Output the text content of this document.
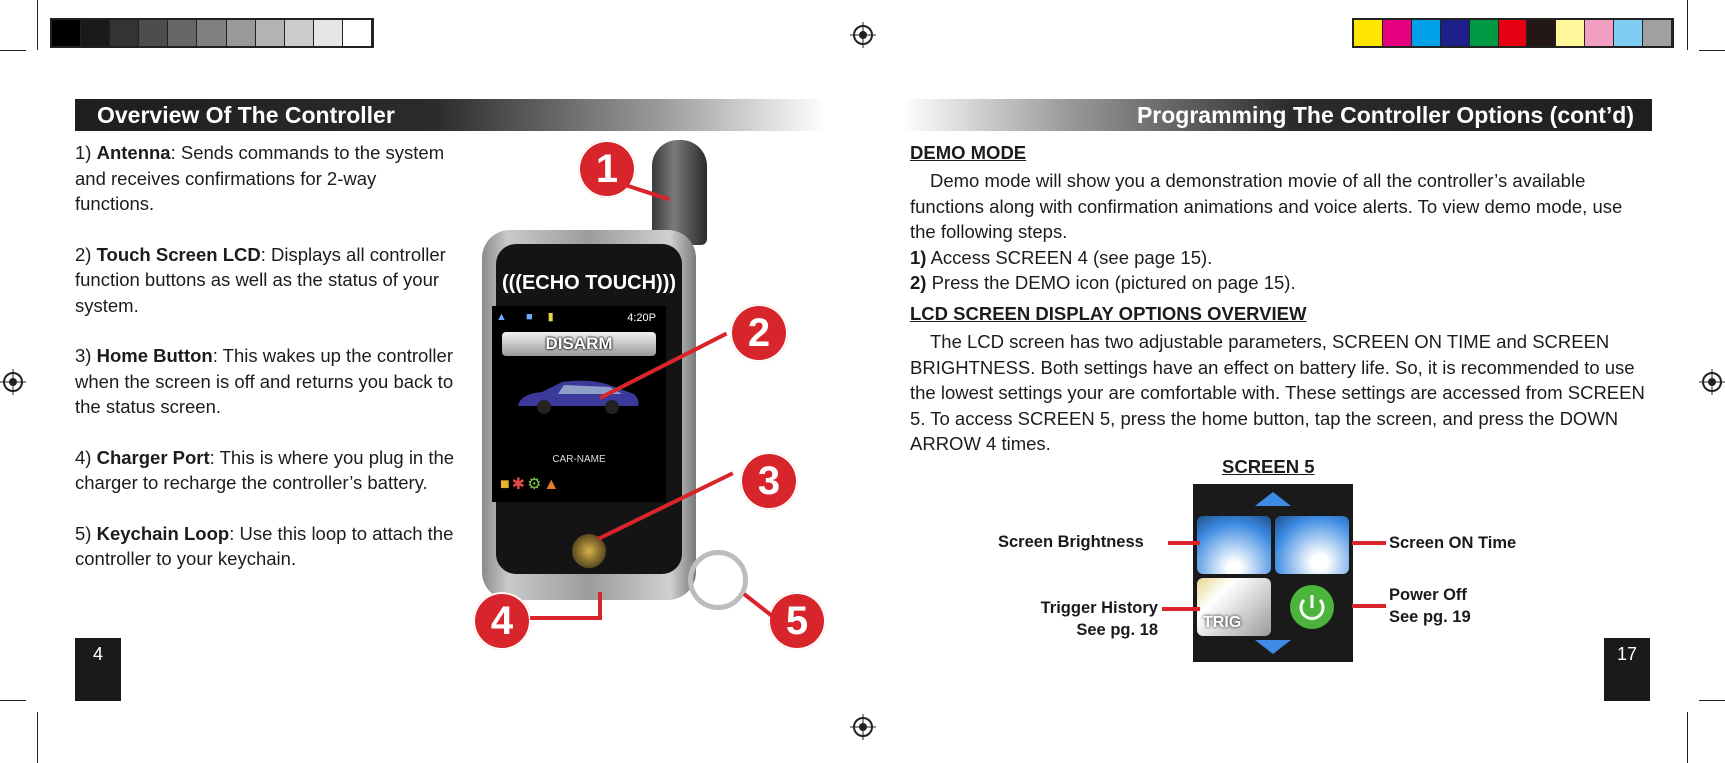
Overview Of The Controller
1) Antenna: Sends commands to the system and receives confirmations for 2-way functions.
2) Touch Screen LCD: Displays all controller function buttons as well as the status of your system.
3) Home Button: This wakes up the controller when the screen is off and returns you back to the status screen.
4) Charger Port: This is where you plug in the charger to recharge the controller’s battery.
5) Keychain Loop: Use this loop to attach the controller to your keychain.
4
(((ECHO TOUCH)))
▲ ■ ▮	4:20P
DISARM
CAR-NAME
■✱⚙▲
1
2
3
4	5
Programming The Controller Options (cont’d)
DEMO MODE
Demo mode will show you a demonstration movie of all the controller’s available functions along with confirmation animations and voice alerts. To view demo mode, use the following steps.
1) Access SCREEN 4 (see page 15).
2) Press the DEMO icon (pictured on page 15).
LCD SCREEN DISPLAY OPTIONS OVERVIEW
The LCD screen has two adjustable parameters, SCREEN ON TIME and SCREEN BRIGHTNESS. Both settings have an effect on battery life. So, it is recommended to use the lowest settings your are comfortable with. These settings are accessed from SCREEN 5. To access SCREEN 5, press the home button, tap the screen, and press the DOWN ARROW 4 times.
SCREEN 5
TRIG
Screen Brightness	Screen ON Time
Trigger History
See pg. 18
Power Off
See pg. 19
17
